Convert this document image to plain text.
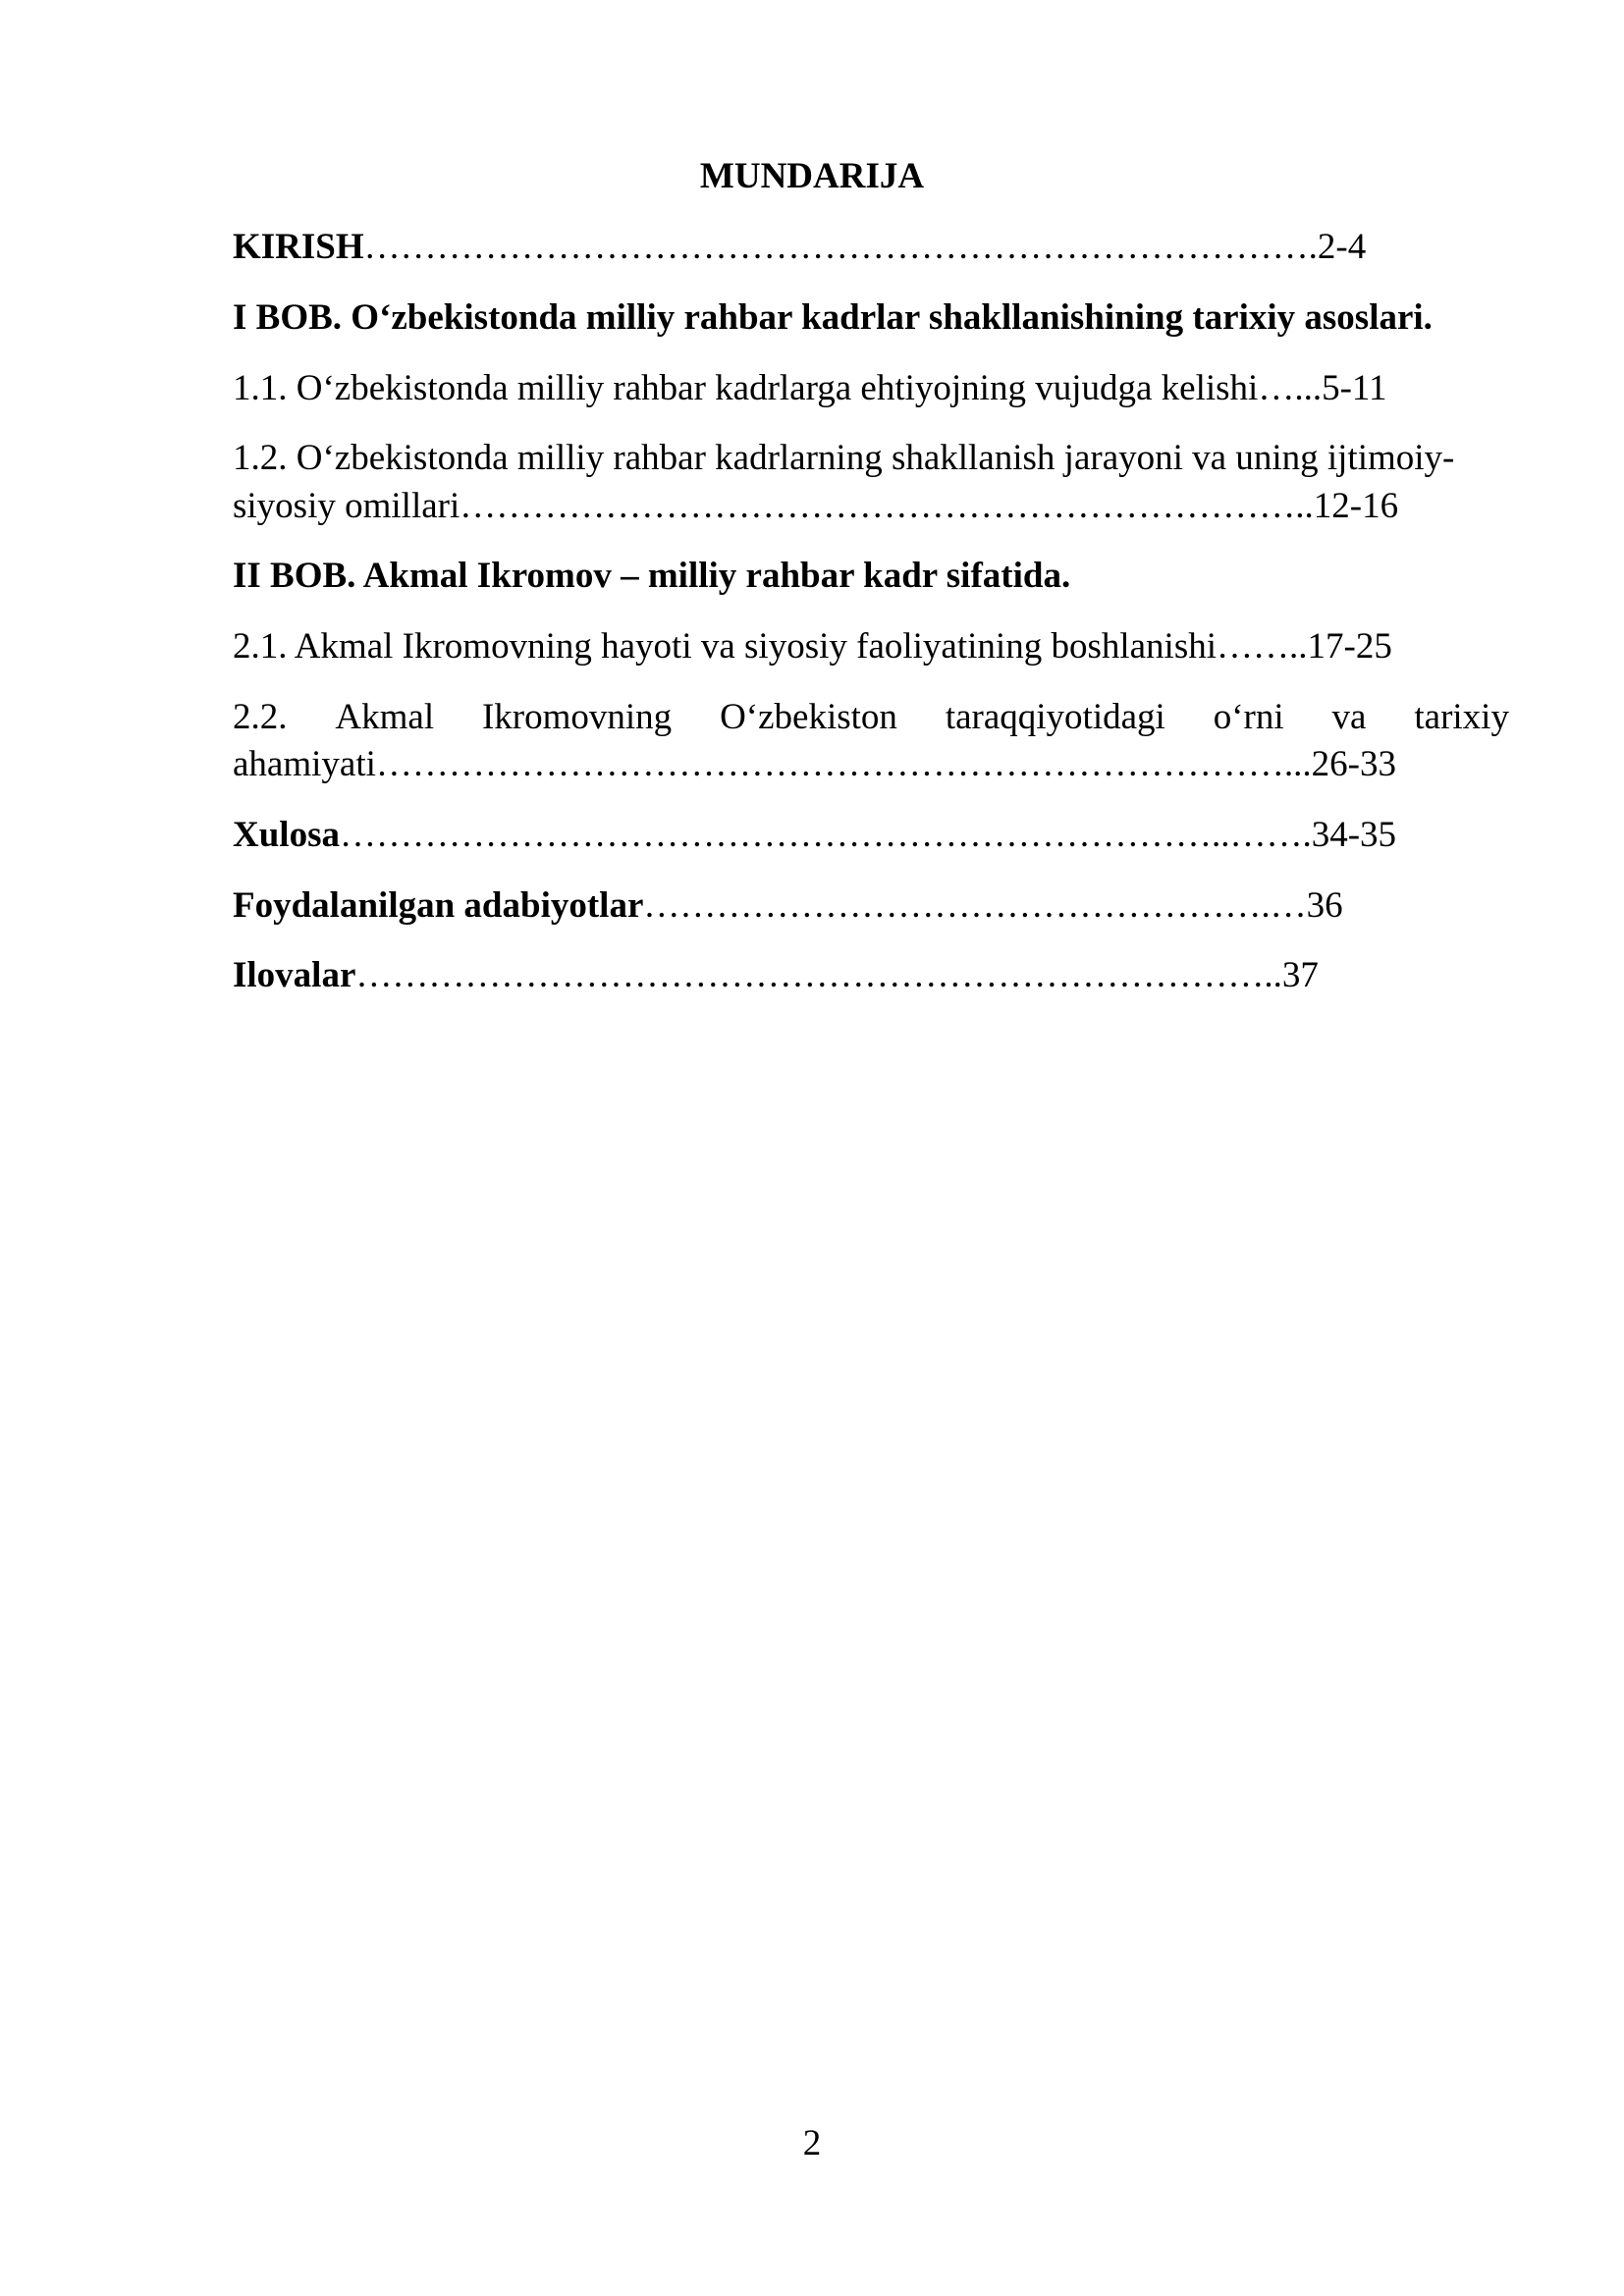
MUNDARIJA
KIRISH…………………………………………………………………….2-4
I BOB. O‘zbekistonda milliy rahbar kadrlar shakllanishining tarixiy asoslari.
1.1. O‘zbekistonda milliy rahbar kadrlarga ehtiyojning vujudga kelishi…...5-11
1.2. O‘zbekistonda milliy rahbar kadrlarning shakllanish jarayoni va uning ijtimoiy-
siyosiy omillari……………………………………………………………..12-16
II BOB. Akmal Ikromov – milliy rahbar kadr sifatida.
2.1. Akmal Ikromovning hayoti va siyosiy faoliyatining boshlanishi……..17-25
2.2. Akmal Ikromovning O‘zbekiston taraqqiyotidagi o‘rni va tarixiy
ahamiyati…………………………………………………………………...26-33
Xulosa………………………………………………………………..…….34-35
Foydalanilgan adabiyotlar…………………………………………….…36
Ilovalar…………………………………………………………………..37
2
